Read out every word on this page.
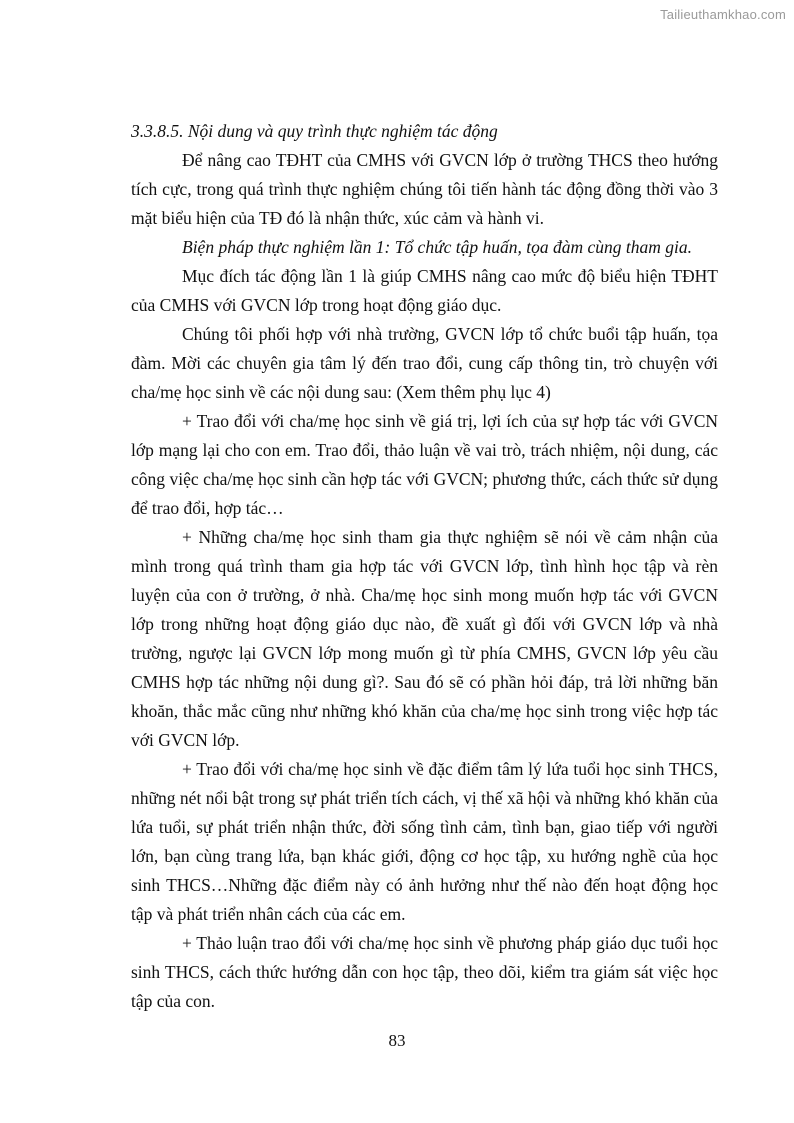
Tailieuthamkhao.com
3.3.8.5. Nội dung và quy trình thực nghiệm tác động

Để nâng cao TĐHT của CMHS với GVCN lớp ở trường THCS theo hướng tích cực, trong quá trình thực nghiệm chúng tôi tiến hành tác động đồng thời vào 3 mặt biểu hiện của TĐ đó là nhận thức, xúc cảm và hành vi.

Biện pháp thực nghiệm lần 1: Tổ chức tập huấn, tọa đàm cùng tham gia.

Mục đích tác động lần 1 là giúp CMHS nâng cao mức độ biểu hiện TĐHT của CMHS với GVCN lớp trong hoạt động giáo dục.

Chúng tôi phối hợp với nhà trường, GVCN lớp tổ chức buổi tập huấn, tọa đàm. Mời các chuyên gia tâm lý đến trao đổi, cung cấp thông tin, trò chuyện với cha/mẹ học sinh về các nội dung sau: (Xem thêm phụ lục 4)

+ Trao đổi với cha/mẹ học sinh về giá trị, lợi ích của sự hợp tác với GVCN lớp mạng lại cho con em. Trao đổi, thảo luận về vai trò, trách nhiệm, nội dung, các công việc cha/mẹ học sinh cần hợp tác với GVCN; phương thức, cách thức sử dụng để trao đổi, hợp tác…

+ Những cha/mẹ học sinh tham gia thực nghiệm sẽ nói về cảm nhận của mình trong quá trình tham gia hợp tác với GVCN lớp, tình hình học tập và rèn luyện của con ở trường, ở nhà. Cha/mẹ học sinh mong muốn hợp tác với GVCN lớp trong những hoạt động giáo dục nào, đề xuất gì đối với GVCN lớp và nhà trường, ngược lại GVCN lớp mong muốn gì từ phía CMHS, GVCN lớp yêu cầu CMHS hợp tác những nội dung gì?. Sau đó sẽ có phần hỏi đáp, trả lời những băn khoăn, thắc mắc cũng như những khó khăn của cha/mẹ học sinh trong việc hợp tác với GVCN lớp.

+ Trao đổi với cha/mẹ học sinh về đặc điểm tâm lý lứa tuổi học sinh THCS, những nét nổi bật trong sự phát triển tích cách, vị thế xã hội và những khó khăn của lứa tuổi, sự phát triển nhận thức, đời sống tình cảm, tình bạn, giao tiếp với người lớn, bạn cùng trang lứa, bạn khác giới, động cơ học tập, xu hướng nghề của học sinh THCS…Những đặc điểm này có ảnh hưởng như thế nào đến hoạt động học tập và phát triển nhân cách của các em.

+ Thảo luận trao đổi với cha/mẹ học sinh về phương pháp giáo dục tuổi học sinh THCS, cách thức hướng dẫn con học tập, theo dõi, kiểm tra giám sát việc học tập của con.

83
